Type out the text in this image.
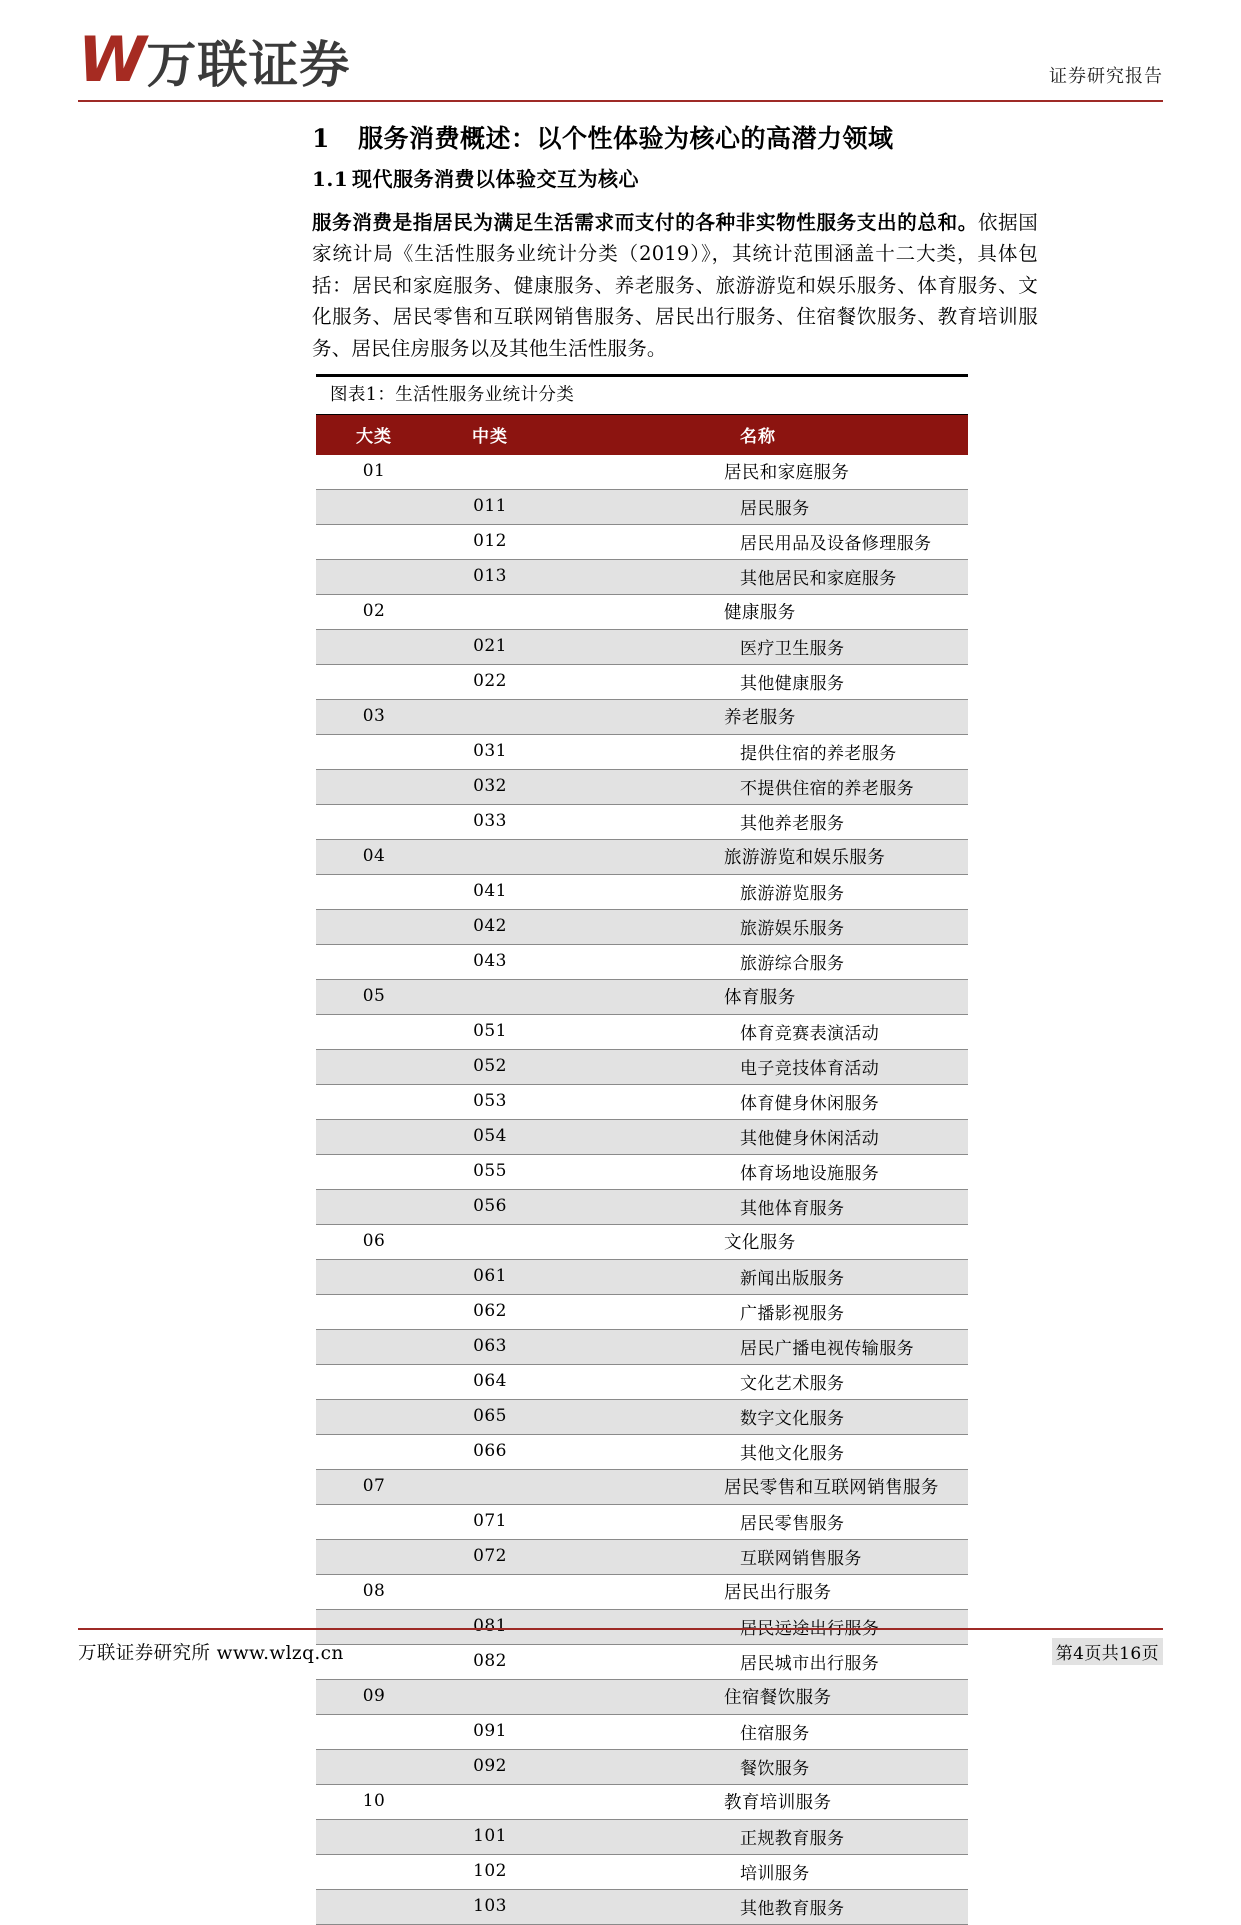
W 万联证券	证券研究报告
1 服务消费概述：以个性体验为核心的高潜力领域
1.1 现代服务消费以体验交互为核心

服务消费是指居民为满足生活需求而支付的各种非实物性服务支出的总和。依据国家统计局《生活性服务业统计分类（2019）》，其统计范围涵盖十二大类，具体包括：居民和家庭服务、健康服务、养老服务、旅游游览和娱乐服务、体育服务、文化服务、居民零售和互联网销售服务、居民出行服务、住宿餐饮服务、教育培训服务、居民住房服务以及其他生活性服务。

图表1：生活性服务业统计分类
大类	中类	名称
01		居民和家庭服务
	011	居民服务
	012	居民用品及设备修理服务
	013	其他居民和家庭服务
02		健康服务
	021	医疗卫生服务
	022	其他健康服务
03		养老服务
	031	提供住宿的养老服务
	032	不提供住宿的养老服务
	033	其他养老服务
04		旅游游览和娱乐服务
	041	旅游游览服务
	042	旅游娱乐服务
	043	旅游综合服务
05		体育服务
	051	体育竞赛表演活动
	052	电子竞技体育活动
	053	体育健身休闲服务
	054	其他健身休闲活动
	055	体育场地设施服务
	056	其他体育服务
06		文化服务
	061	新闻出版服务
	062	广播影视服务
	063	居民广播电视传输服务
	064	文化艺术服务
	065	数字文化服务
	066	其他文化服务
07		居民零售和互联网销售服务
	071	居民零售服务
	072	互联网销售服务
08		居民出行服务
	081	居民远途出行服务
	082	居民城市出行服务
09		住宿餐饮服务
	091	住宿服务
	092	餐饮服务
10		教育培训服务
	101	正规教育服务
	102	培训服务
	103	其他教育服务
万联证券研究所 www.wlzq.cn	第4页共16页
